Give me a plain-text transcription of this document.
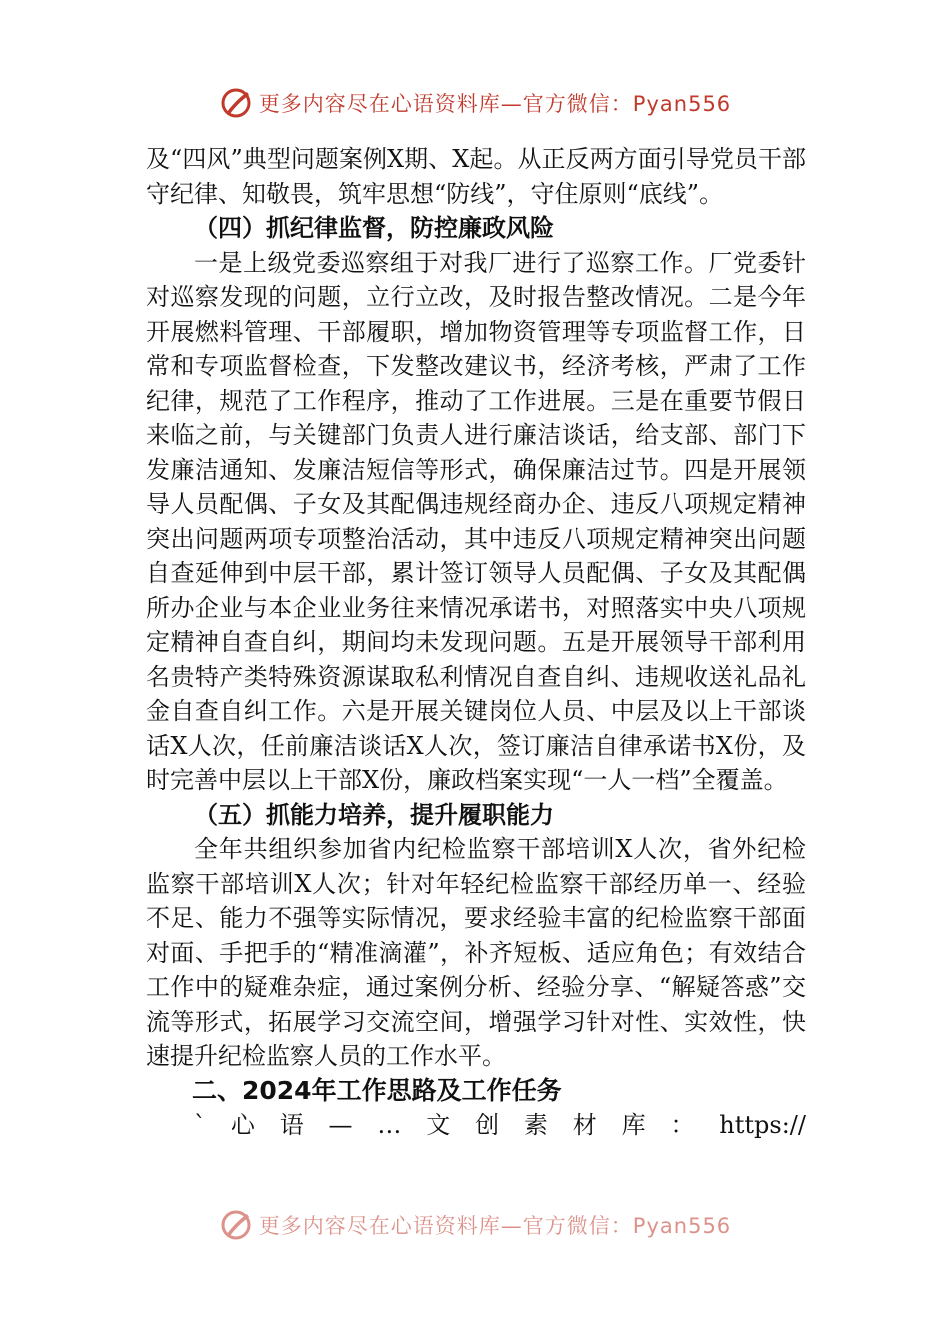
更多内容尽在心语资料库—官方微信：Pyan556

及“四风”典型问题案例X期、X起。从正反两方面引导党员干部守纪律、知敬畏，筑牢思想“防线”，守住原则“底线”。

（四）抓纪律监督，防控廉政风险

一是上级党委巡察组于对我厂进行了巡察工作。厂党委针对巡察发现的问题，立行立改，及时报告整改情况。二是今年开展燃料管理、干部履职，增加物资管理等专项监督工作，日常和专项监督检查，下发整改建议书，经济考核，严肃了工作纪律，规范了工作程序，推动了工作进展。三是在重要节假日来临之前，与关键部门负责人进行廉洁谈话，给支部、部门下发廉洁通知、发廉洁短信等形式，确保廉洁过节。四是开展领导人员配偶、子女及其配偶违规经商办企、违反八项规定精神突出问题两项专项整治活动，其中违反八项规定精神突出问题自查延伸到中层干部，累计签订领导人员配偶、子女及其配偶所办企业与本企业业务往来情况承诺书，对照落实中央八项规定精神自查自纠，期间均未发现问题。五是开展领导干部利用名贵特产类特殊资源谋取私利情况自查自纠、违规收送礼品礼金自查自纠工作。六是开展关键岗位人员、中层及以上干部谈话X人次，任前廉洁谈话X人次，签订廉洁自律承诺书X份，及时完善中层以上干部X份，廉政档案实现“一人一档”全覆盖。

（五）抓能力培养，提升履职能力

全年共组织参加省内纪检监察干部培训X人次，省外纪检监察干部培训X人次；针对年轻纪检监察干部经历单一、经验不足、能力不强等实际情况，要求经验丰富的纪检监察干部面对面、手把手的“精准滴灌”，补齐短板、适应角色；有效结合工作中的疑难杂症，通过案例分析、经验分享、“解疑答惑”交流等形式，拓展学习交流空间，增强学习针对性、实效性，快速提升纪检监察人员的工作水平。

二、2024年工作思路及工作任务

` 心 语 — … 文 创 素 材 库 ： https://
更多内容尽在心语资料库—官方微信：Pyan556
